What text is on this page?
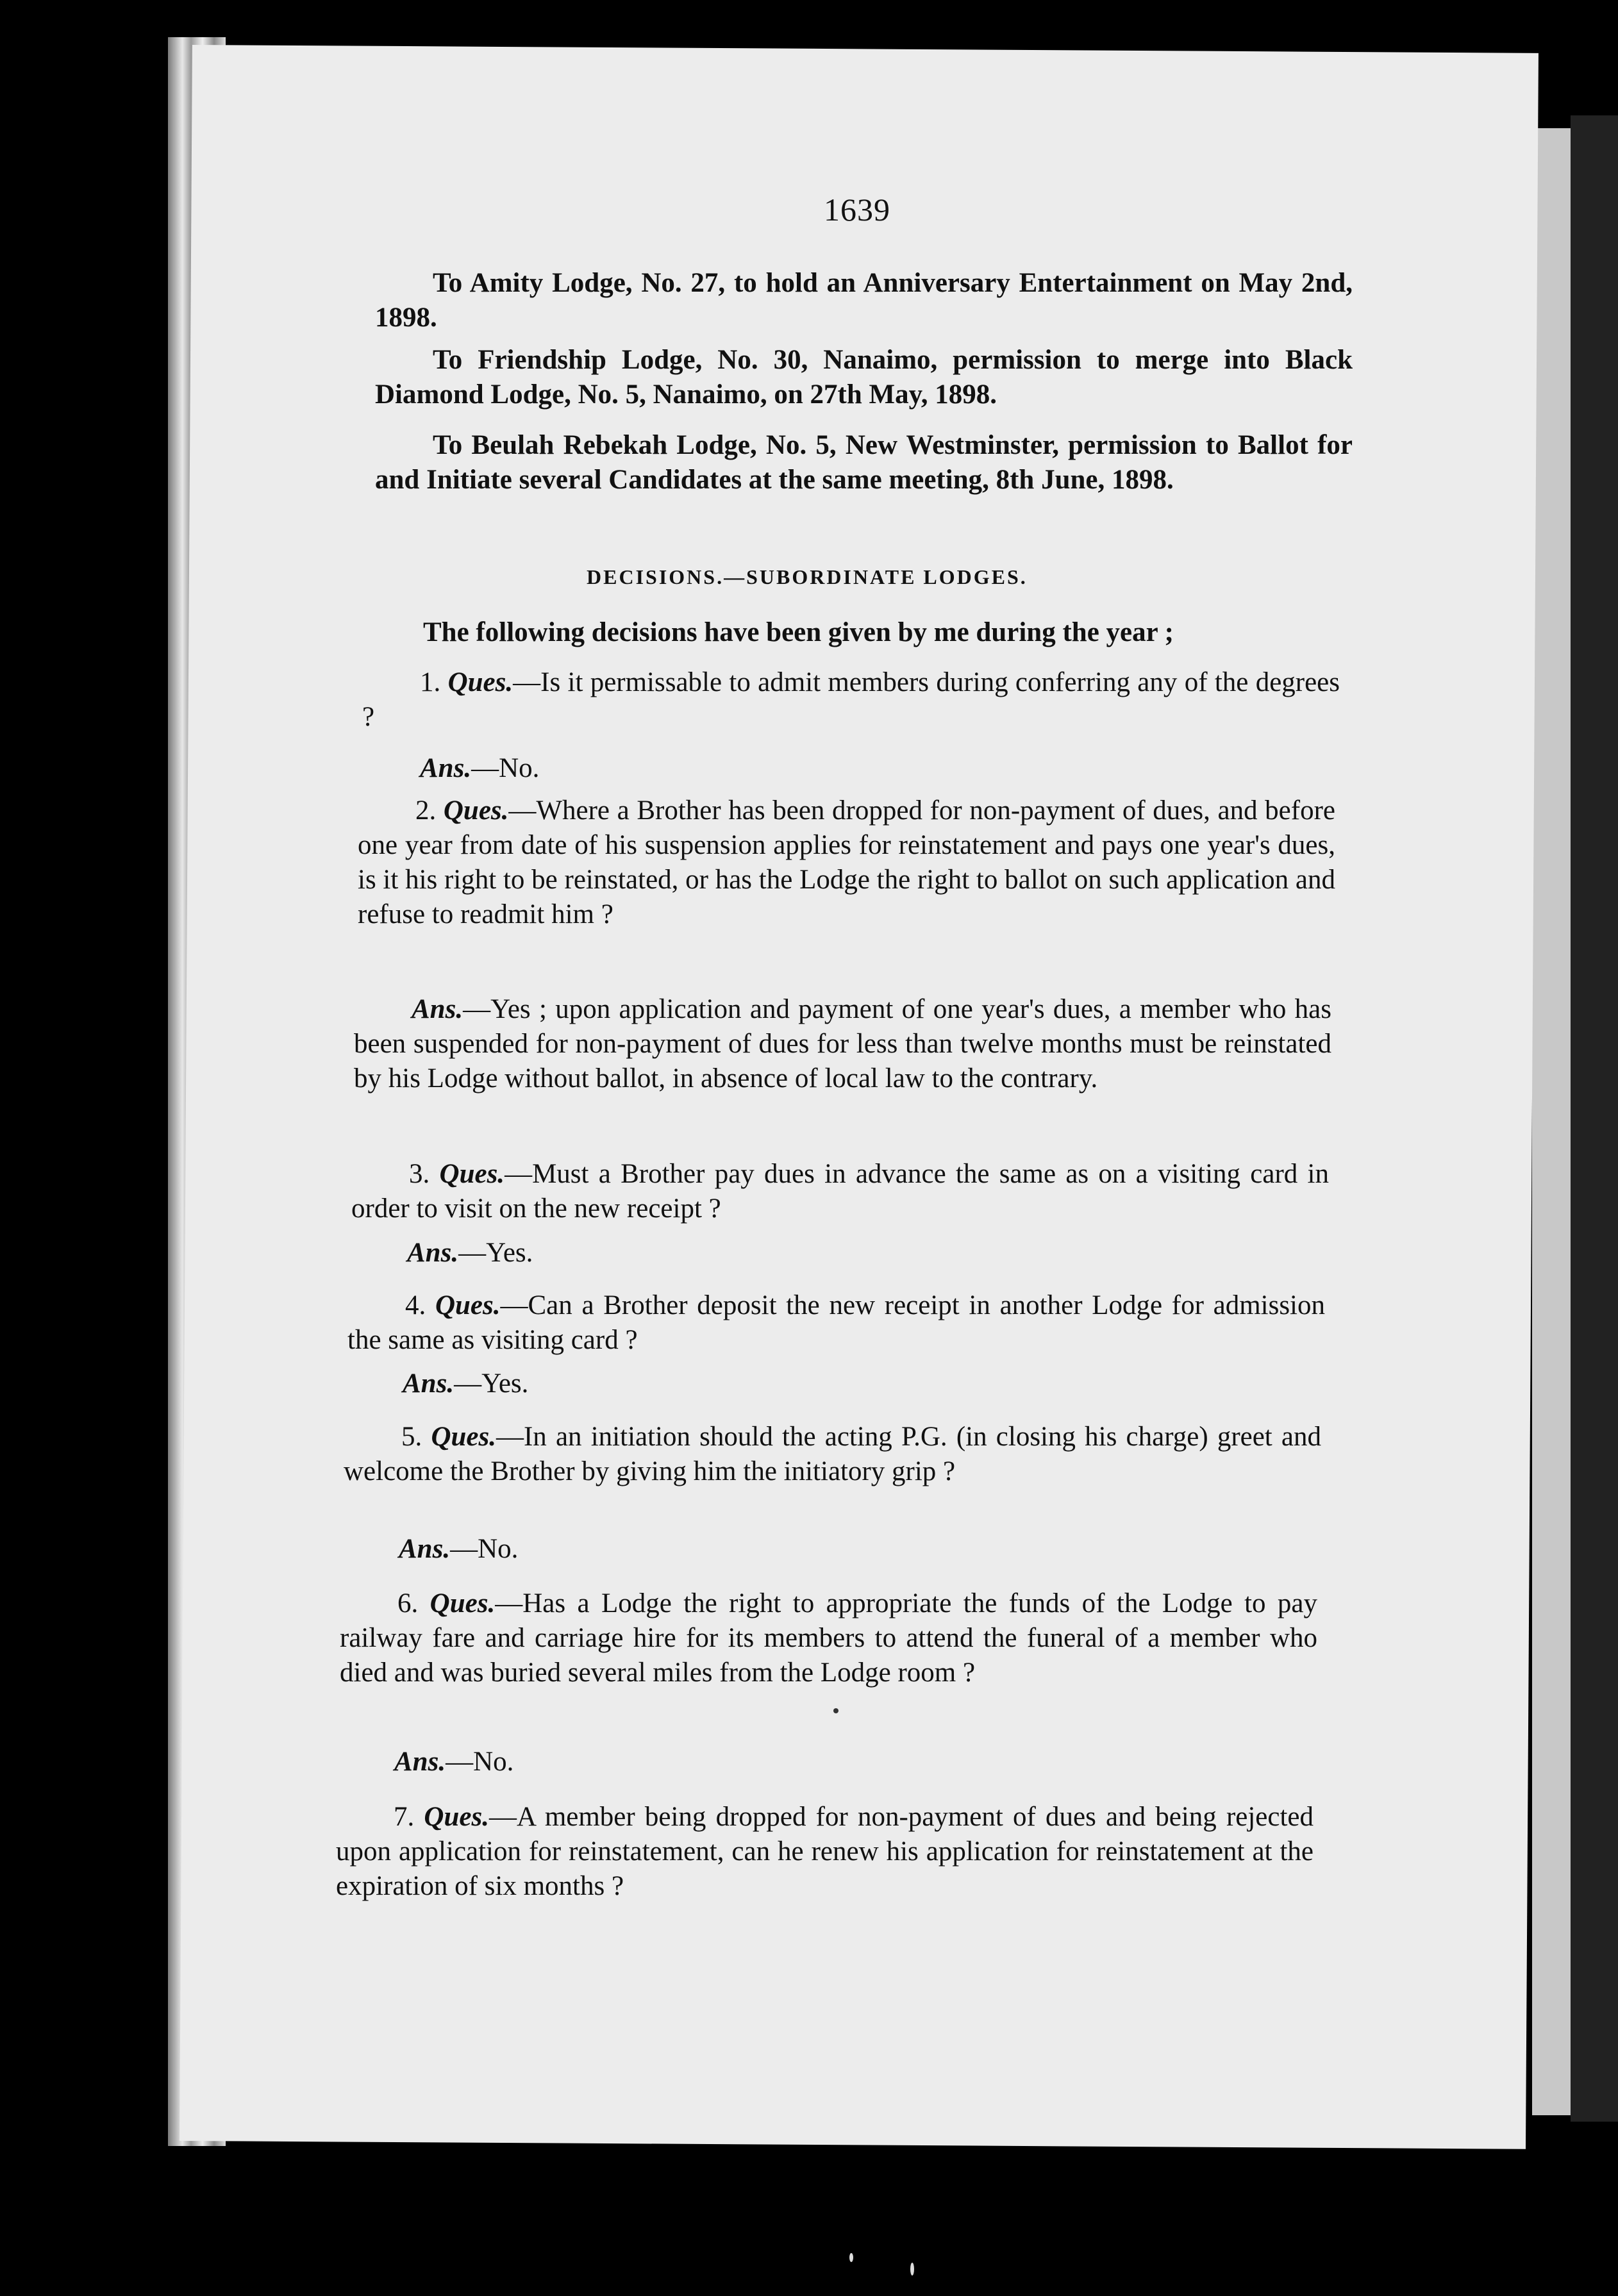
1639
To Amity Lodge, No. 27, to hold an Anniversary Entertainment on May 2nd, 1898.
To Friendship Lodge, No. 30, Nanaimo, permission to merge into Black Diamond Lodge, No. 5, Nanaimo, on 27th May, 1898.
To Beulah Rebekah Lodge, No. 5, New Westminster, permission to Ballot for and Initiate several Candidates at the same meeting, 8th June, 1898.
DECISIONS.—SUBORDINATE LODGES.
The following decisions have been given by me during the year ;
1. Ques.—Is it permissable to admit members during conferring any of the degrees ?
Ans.—No.
2. Ques.—Where a Brother has been dropped for non-payment of dues, and before one year from date of his suspension applies for reinstatement and pays one year's dues, is it his right to be reinstated, or has the Lodge the right to ballot on such application and refuse to readmit him ?
Ans.—Yes ; upon application and payment of one year's dues, a member who has been suspended for non-payment of dues for less than twelve months must be reinstated by his Lodge without ballot, in absence of local law to the contrary.
3. Ques.—Must a Brother pay dues in advance the same as on a visiting card in order to visit on the new receipt ?
Ans.—Yes.
4. Ques.—Can a Brother deposit the new receipt in another Lodge for admission the same as visiting card ?
Ans.—Yes.
5. Ques.—In an initiation should the acting P.G. (in closing his charge) greet and welcome the Brother by giving him the initiatory grip ?
Ans.—No.
6. Ques.—Has a Lodge the right to appropriate the funds of the Lodge to pay railway fare and carriage hire for its members to attend the funeral of a member who died and was buried several miles from the Lodge room ?
Ans.—No.
7. Ques.—A member being dropped for non-payment of dues and being rejected upon application for reinstatement, can he renew his application for reinstatement at the expiration of six months ?
